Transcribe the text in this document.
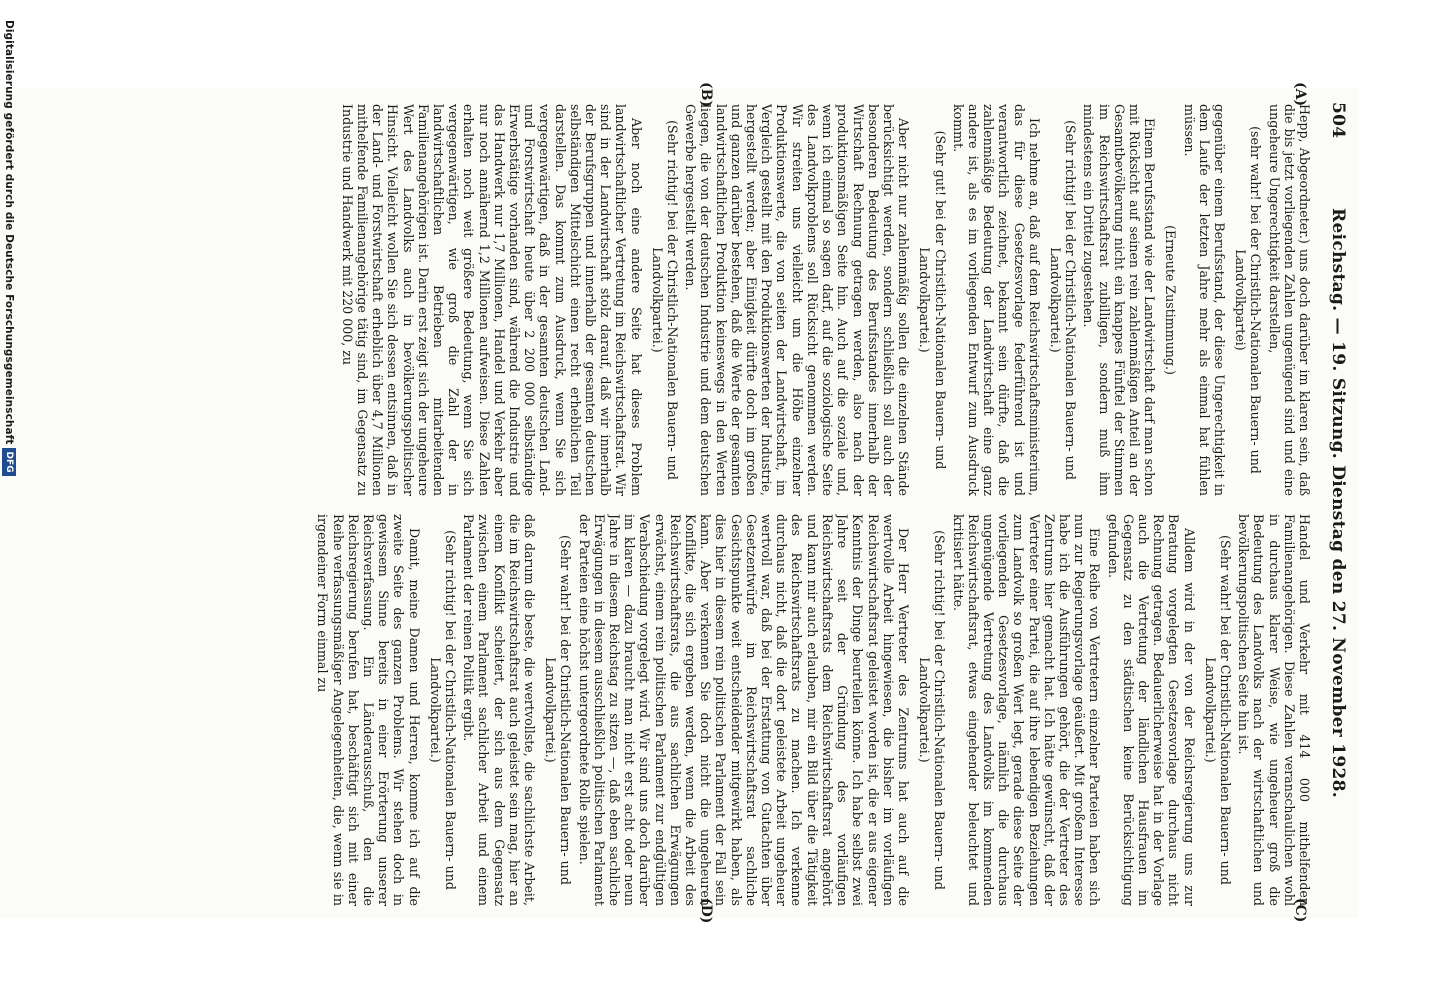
504
Reichstag. — 19. Sitzung. Dienstag den 27. November 1928.
(A)
(B)
(C)
(D)

Hepp, Abgeordneter.) uns doch darüber im klaren sein, daß die bis jetzt vorliegenden Zahlen ungenügend sind und eine ungeheure Ungerechtigkeit darstellen,

(sehr wahr! bei der Christlich-Nationalen Bauern- und Landvolkpartei)

gegenüber einem Berufsstand, der diese Ungerechtigkeit in dem Laufe der letzten Jahre mehr als einmal hat fühlen müssen.

(Erneute Zustimmung.)

Einem Berufsstand wie der Landwirtschaft darf man schon mit Rücksicht auf seinen rein zahlenmäßigen Anteil an der Gesamtbevölkerung nicht ein knappes Fünftel der Stimmen im Reichswirtschaftsrat zubilligen, sondern muß ihm mindestens ein Drittel zugestehen.

(Sehr richtig! bei der Christlich-Nationalen Bauern- und Landvolkpartei.)

Ich nehme an, daß auf dem Reichswirtschaftsministerium, das für diese Gesetzesvorlage federführend ist und verantwortlich zeichnet, bekannt sein dürfte, daß die zahlenmäßige Bedeutung der Landwirtschaft eine ganz andere ist, als es im vorliegenden Entwurf zum Ausdruck kommt.

(Sehr gut! bei der Christlich-Nationalen Bauern- und Landvolkpartei.)

Aber nicht nur zahlenmäßig sollen die einzelnen Stände berücksichtigt werden, sondern schließlich soll auch der besonderen Bedeutung des Berufsstandes innerhalb der Wirtschaft Rechnung getragen werden, also nach der produktionsmäßigen Seite hin. Auch auf die soziale und, wenn ich einmal so sagen darf, auf die soziologische Seite des Landvolkproblems soll Rücksicht genommen werden. Wir streiten uns vielleicht um die Höhe einzelner Produktionswerte, die von seiten der Landwirtschaft, im Vergleich gestellt mit den Produktionswerten der Industrie, hergestellt werden; aber Einigkeit dürfte doch im großen und ganzen darüber bestehen, daß die Werte der gesamten landwirtschaftlichen Produktion keineswegs in den Werten liegen, die von der deutschen Industrie und dem deutschen Gewerbe hergestellt werden.

(Sehr richtig! bei der Christlich-Nationalen Bauern- und Landvolkpartei.)

Aber noch eine andere Seite hat dieses Problem landwirtschaftlicher Vertretung im Reichswirtschaftsrat. Wir sind in der Landwirtschaft stolz darauf, daß wir innerhalb der Berufsgruppen und innerhalb der gesamten deutschen selbständigen Mittelschicht einen recht erheblichen Teil darstellen. Das kommt zum Ausdruck, wenn Sie sich vergegenwärtigen, daß in der gesamten deutschen Land- und Forstwirtschaft heute über 2 200 000 selbständige Erwerbstätige vorhanden sind, während die Industrie und das Handwerk nur 1,7 Millionen, Handel und Verkehr aber nur noch annähernd 1,2 Millionen aufweisen. Diese Zahlen erhalten noch weit größere Bedeutung, wenn Sie sich vergegenwärtigen, wie groß die Zahl der in landwirtschaftlichen Betrieben mitarbeitenden Familienangehörigen ist. Darin erst zeigt sich der ungeheure Wert des Landvolks auch in bevölkerungspolitischer Hinsicht. Vielleicht wollen Sie sich dessen entsinnen, daß in der Land- und Forstwirtschaft erheblich über 4,7 Millionen mithelfende Familienangehörige tätig sind, im Gegensatz zu Industrie und Handwerk mit 220 000, zu

Handel und Verkehr mit 414 000 mithelfenden Familienangehörigen. Diese Zahlen veranschaulichen wohl in durchaus klarer Weise, wie ungeheuer groß die Bedeutung des Landvolks nach der wirtschaftlichen und bevölkerungspolitischen Seite hin ist.

(Sehr wahr! bei der Christlich-Nationalen Bauern- und Landvolkpartei.)

Alldem wird in der von der Reichsregierung uns zur Beratung vorgelegten Gesetzesvorlage durchaus nicht Rechnung getragen. Bedauerlicherweise hat in der Vorlage auch die Vertretung der ländlichen Hausfrauen im Gegensatz zu den städtischen keine Berücksichtigung gefunden.

Eine Reihe von Vertretern einzelner Parteien haben sich nun zur Regierungsvorlage geäußert. Mit großem Interesse habe ich die Ausführungen gehört, die der Vertreter des Zentrums hier gemacht hat. Ich hätte gewünscht, daß der Vertreter einer Partei, die auf ihre lebendigen Beziehungen zum Landvolk so großen Wert legt, gerade diese Seite der vorliegenden Gesetzesvorlage, nämlich die durchaus ungenügende Vertretung des Landvolks im kommenden Reichswirtschaftsrat, etwas eingehender beleuchtet und kritisiert hätte.

(Sehr richtig! bei der Christlich-Nationalen Bauern- und Landvolkpartei.)

Der Herr Vertreter des Zentrums hat auch auf die wertvolle Arbeit hingewiesen, die bisher im vorläufigen Reichswirtschaftsrat geleistet worden ist, die er aus eigener Kenntnis der Dinge beurteilen könne. Ich habe selbst zwei Jahre seit der Gründung des vorläufigen Reichswirtschaftsrats dem Reichswirtschaftsrat angehört und kann mir auch erlauben, mir ein Bild über die Tätigkeit des Reichswirtschaftsrats zu machen. Ich verkenne durchaus nicht, daß die dort geleistete Arbeit ungeheuer wertvoll war, daß bei der Erstattung von Gutachten über Gesetzentwürfe im Reichswirtschaftsrat sachliche Gesichtspunkte weit entscheidender mitgewirkt haben, als dies hier in diesem rein politischen Parlament der Fall sein kann. Aber verkennen Sie doch nicht die ungeheuren Konflikte, die sich ergeben werden, wenn die Arbeit des Reichswirtschaftsrats, die aus sachlichen Erwägungen erwächst, einem rein politischen Parlament zur endgültigen Verabschiedung vorgelegt wird. Wir sind uns doch darüber im klaren — dazu braucht man nicht erst acht oder neun Jahre in diesem Reichstag zu sitzen —, daß eben sachliche Erwägungen in diesem ausschließlich politischen Parlament der Parteien eine höchst untergeordnete Rolle spielen.

(Sehr wahr! bei der Christlich-Nationalen Bauern- und Landvolkpartei.)

daß darum die beste, die wertvollste, die sachlichste Arbeit, die im Reichswirtschaftsrat auch geleistet sein mag, hier an einem Konflikt scheitert, der sich aus dem Gegensatz zwischen einem Parlament sachlicher Arbeit und einem Parlament der reinen Politik ergibt.

(Sehr richtig! bei der Christlich-Nationalen Bauern- und Landvolkpartei.)

Damit, meine Damen und Herren, komme ich auf die zweite Seite des ganzen Problems. Wir stehen doch in gewissem Sinne bereits in einer Erörterung unserer Reichsverfassung. Ein Länderausschuß, den die Reichsregierung berufen hat, beschäftigt sich mit einer Reihe verfassungsmäßiger Angelegenheiten, die, wenn sie in irgendeiner Form einmal zu

Digitalisierung gefördert durch die Deutsche ForschungsgemeinschaftDFG
